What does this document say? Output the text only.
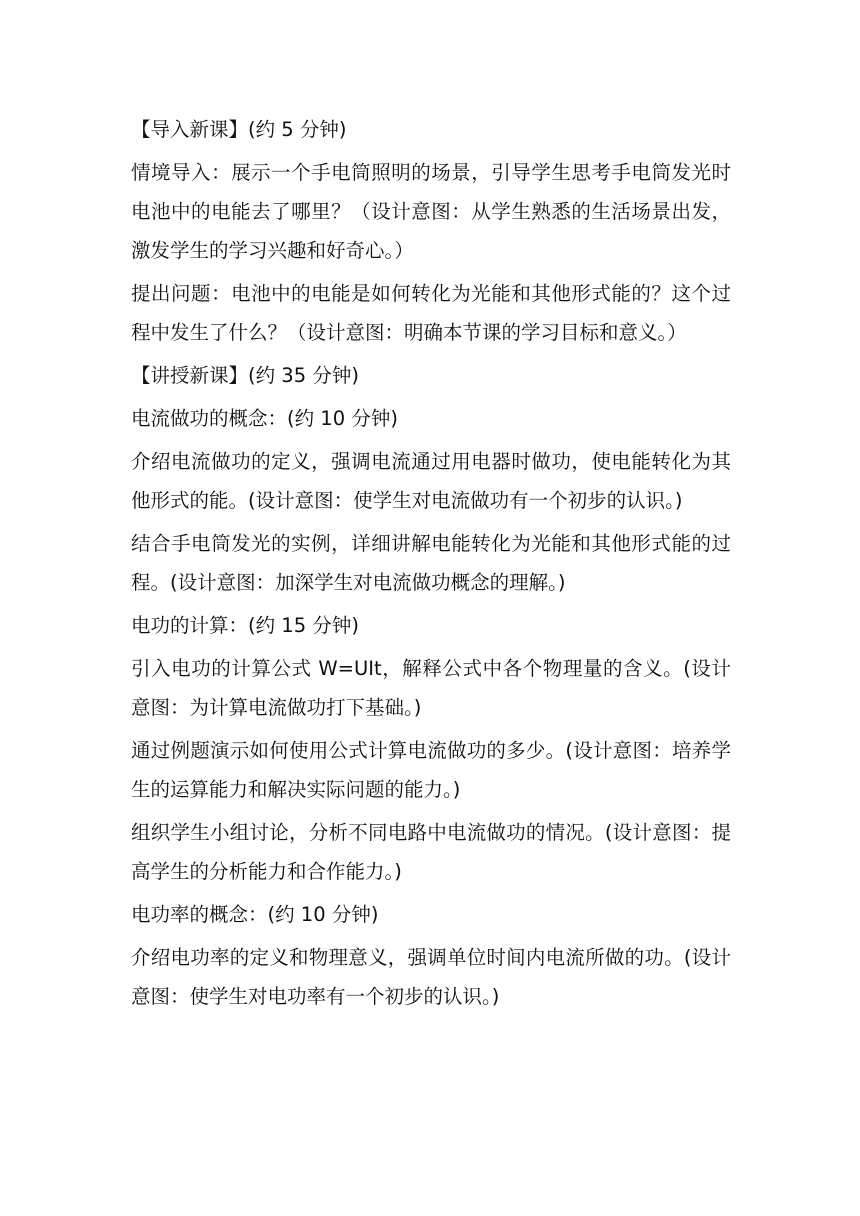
【导入新课】(约 5 分钟)

情境导入：展示一个手电筒照明的场景，引导学生思考手电筒发光时电池中的电能去了哪里？（设计意图：从学生熟悉的生活场景出发，激发学生的学习兴趣和好奇心。）

提出问题：电池中的电能是如何转化为光能和其他形式能的？这个过程中发生了什么？（设计意图：明确本节课的学习目标和意义。）

【讲授新课】(约 35 分钟)

电流做功的概念：(约 10 分钟)

介绍电流做功的定义，强调电流通过用电器时做功，使电能转化为其他形式的能。(设计意图：使学生对电流做功有一个初步的认识。)

结合手电筒发光的实例，详细讲解电能转化为光能和其他形式能的过程。(设计意图：加深学生对电流做功概念的理解。)

电功的计算：(约 15 分钟)

引入电功的计算公式 W=UIt，解释公式中各个物理量的含义。(设计意图：为计算电流做功打下基础。)

通过例题演示如何使用公式计算电流做功的多少。(设计意图：培养学生的运算能力和解决实际问题的能力。)

组织学生小组讨论，分析不同电路中电流做功的情况。(设计意图：提高学生的分析能力和合作能力。)

电功率的概念：(约 10 分钟)

介绍电功率的定义和物理意义，强调单位时间内电流所做的功。(设计意图：使学生对电功率有一个初步的认识。)
